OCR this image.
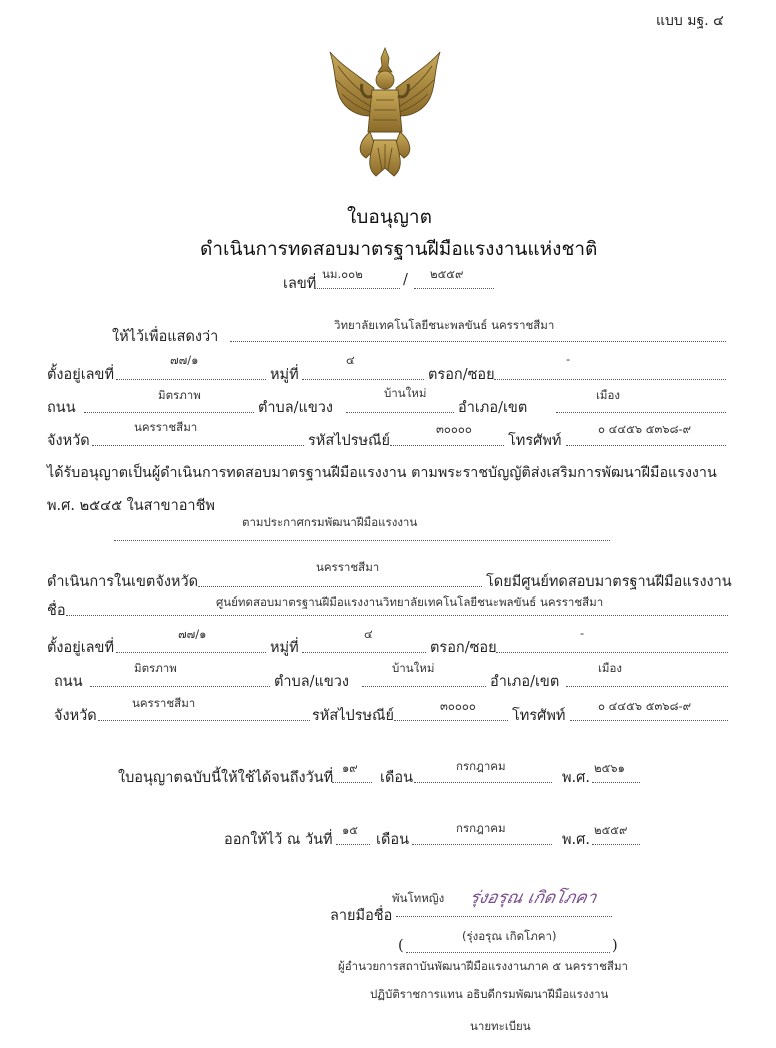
แบบ มฐ. ๔
ใบอนุญาต
ดำเนินการทดสอบมาตรฐานฝีมือแรงงานแห่งชาติ
เลขที่
นม.๐๐๒	/ ๒๕๕๙
ให้ไว้เพื่อแสดงว่า
วิทยาลัยเทคโนโลยีชนะพลขันธ์ นครราชสีมา
ตั้งอยู่เลขที่
๗๗/๑
หมู่ที่
๔
ตรอก/ซอย
-
ถนน
มิตรภาพ
ตำบล/แขวง
บ้านใหม่
อำเภอ/เขต
เมือง
จังหวัด
นครราชสีมา
รหัสไปรษณีย์
๓๐๐๐๐
โทรศัพท์
๐ ๔๔๕๖ ๕๓๖๘-๙
ได้รับอนุญาตเป็นผู้ดำเนินการทดสอบมาตรฐานฝีมือแรงงาน ตามพระราชบัญญัติส่งเสริมการพัฒนาฝีมือแรงงาน
พ.ศ. ๒๕๔๕ ในสาขาอาชีพ
ตามประกาศกรมพัฒนาฝีมือแรงงาน
ดำเนินการในเขตจังหวัด
นครราชสีมา
โดยมีศูนย์ทดสอบมาตรฐานฝีมือแรงงาน
ชื่อ
ศูนย์ทดสอบมาตรฐานฝีมือแรงงานวิทยาลัยเทคโนโลยีชนะพลขันธ์ นครราชสีมา
ตั้งอยู่เลขที่
๗๗/๑
หมู่ที่
๔
ตรอก/ซอย
-
ถนน
มิตรภาพ
ตำบล/แขวง
บ้านใหม่
อำเภอ/เขต
เมือง
จังหวัด
นครราชสีมา
รหัสไปรษณีย์
๓๐๐๐๐
โทรศัพท์
๐ ๔๔๕๖ ๕๓๖๘-๙
ใบอนุญาตฉบับนี้ให้ใช้ได้จนถึงวันที่
๑๙
เดือน
กรกฎาคม
พ.ศ.
๒๕๖๑
ออกให้ไว้ ณ วันที่
๑๕
เดือน
กรกฎาคม
พ.ศ.
๒๕๕๙
พันโทหญิง รุ่งอรุณ เกิดโภคา
ลายมือชื่อ
(รุ่งอรุณ เกิดโภคา)
(	)
ผู้อำนวยการสถาบันพัฒนาฝีมือแรงงานภาค ๕ นครราชสีมา
ปฏิบัติราชการแทน อธิบดีกรมพัฒนาฝีมือแรงงาน
นายทะเบียน
